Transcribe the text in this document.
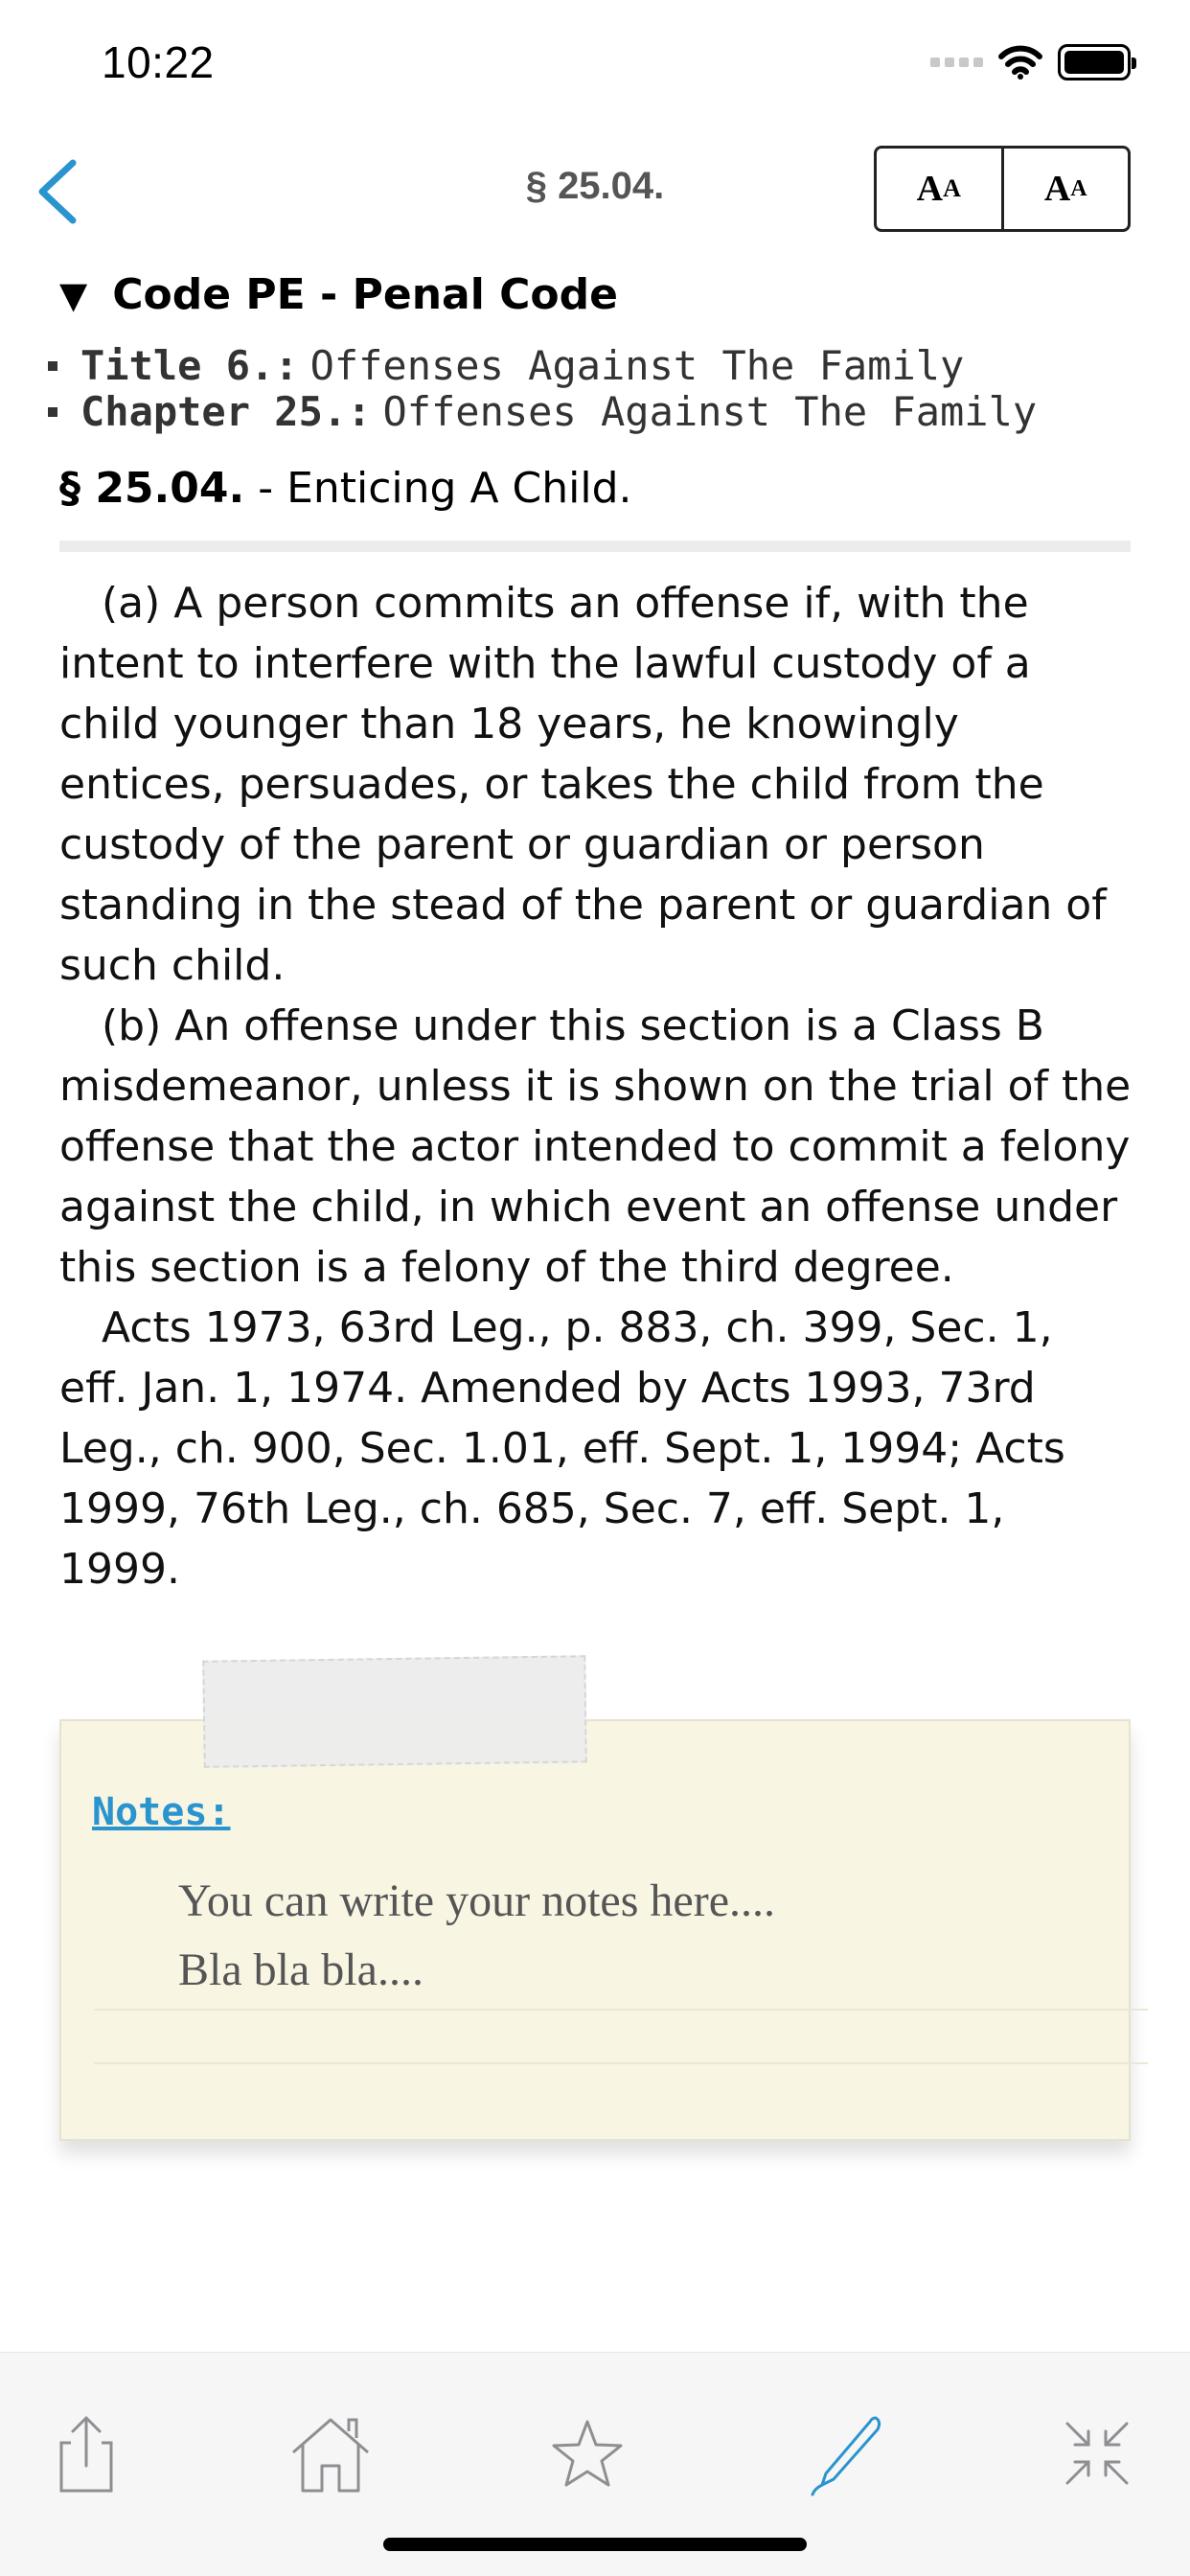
10:22
§ 25.04.	A A A A
▼ Code PE - Penal Code
Title 6.: Offenses Against The Family
Chapter 25.: Offenses Against The Family
§ 25.04. - Enticing A Child.

(a) A person commits an offense if, with the intent to interfere with the lawful custody of a child younger than 18 years, he knowingly entices, persuades, or takes the child from the custody of the parent or guardian or person standing in the stead of the parent or guardian of such child.

(b) An offense under this section is a Class B misdemeanor, unless it is shown on the trial of the offense that the actor intended to commit a felony against the child, in which event an offense under this section is a felony of the third degree.

Acts 1973, 63rd Leg., p. 883, ch. 399, Sec. 1, eff. Jan. 1, 1974. Amended by Acts 1993, 73rd Leg., ch. 900, Sec. 1.01, eff. Sept. 1, 1994; Acts 1999, 76th Leg., ch. 685, Sec. 7, eff. Sept. 1, 1999.

Notes:
You can write your notes here....
Bla bla bla....
